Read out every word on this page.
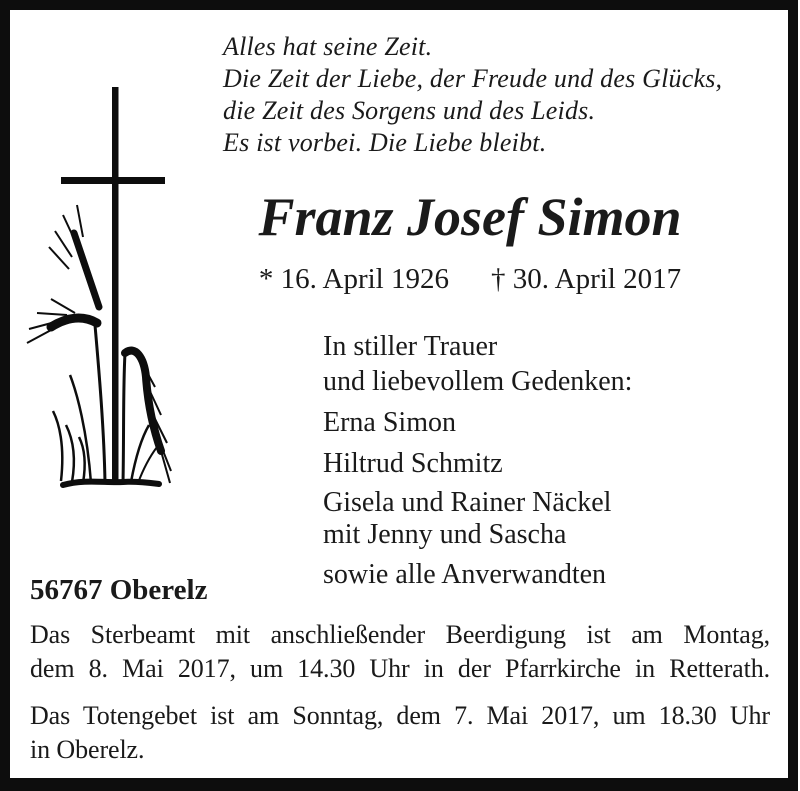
Alles hat seine Zeit.
Die Zeit der Liebe, der Freude und des Glücks,
die Zeit des Sorgens und des Leids.
Es ist vorbei. Die Liebe bleibt.
Franz Josef Simon
* 16. April 1926 † 30. April 2017
In stiller Trauer
und liebevollem Gedenken:
Erna Simon
Hiltrud Schmitz
Gisela und Rainer Näckel
mit Jenny und Sascha
sowie alle Anverwandten
56767 Oberelz
Das Sterbeamt mit anschließender Beerdigung ist am Montag,
dem 8. Mai 2017, um 14.30 Uhr in der Pfarrkirche in Retterath.
Das Totengebet ist am Sonntag, dem 7. Mai 2017, um 18.30 Uhr
in Oberelz.
